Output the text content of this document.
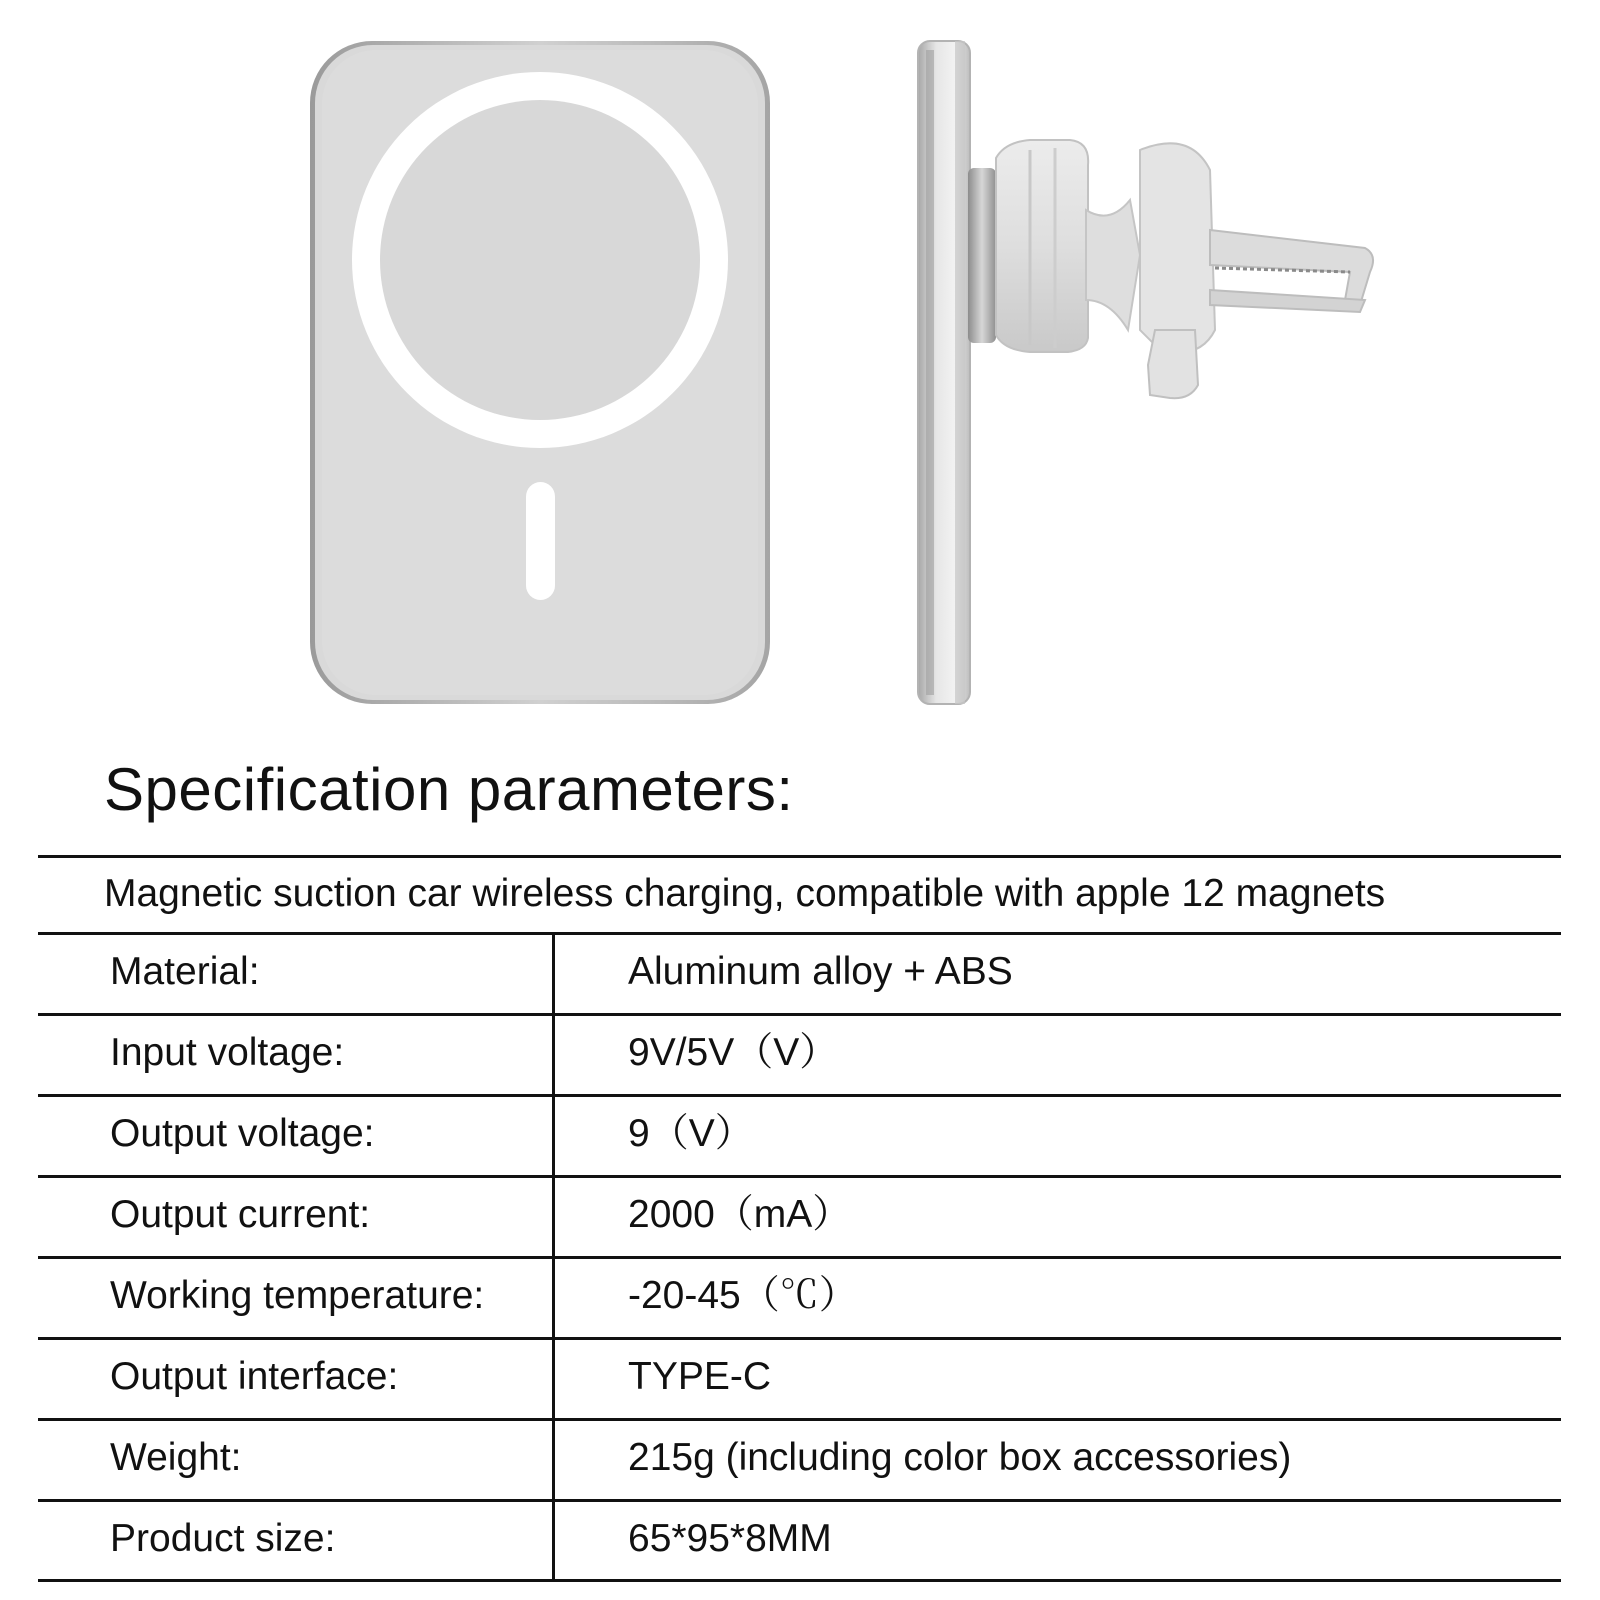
Specification parameters:
Magnetic suction car wireless charging, compatible with apple 12 magnets
Material:	Aluminum alloy + ABS
Input voltage:	9V/5V（V）
Output voltage:	9（V）
Output current:	2000（mA）
Working temperature:	-20-45（℃）
Output interface:	TYPE-C
Weight:	215g (including color box accessories)
Product size:	65*95*8MM
